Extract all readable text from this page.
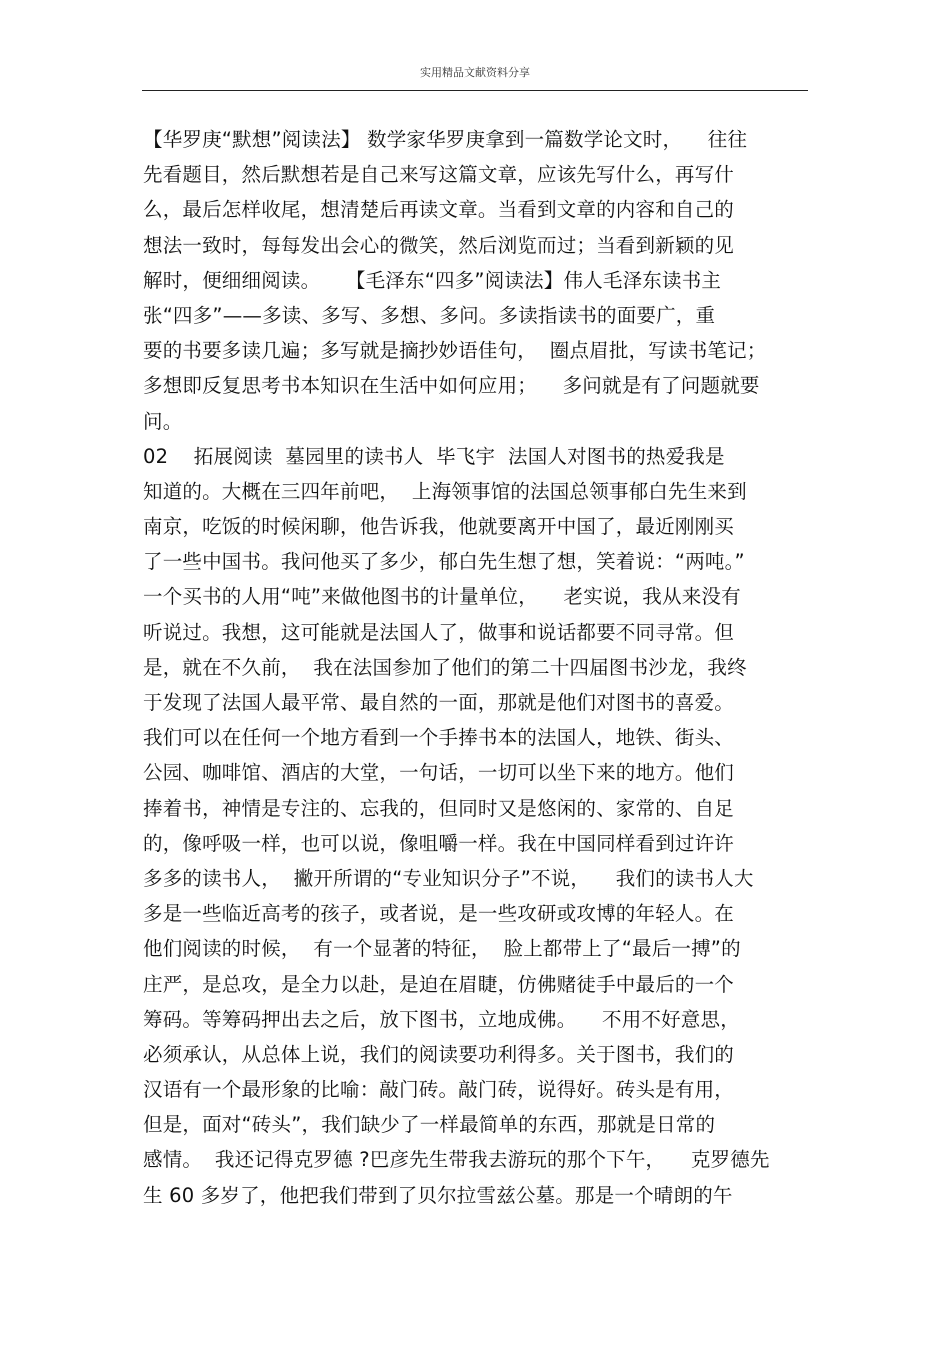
实用精品文献资料分享
【华罗庚“默想”阅读法】 数学家华罗庚拿到一篇数学论文时，    往往
先看题目，然后默想若是自己来写这篇文章，应该先写什么，再写什
么，最后怎样收尾，想清楚后再读文章。当看到文章的内容和自己的
想法一致时，每每发出会心的微笑，然后浏览而过；当看到新颖的见
解时，便细细阅读。    【毛泽东“四多”阅读法】伟人毛泽东读书主
张“四多”——多读、多写、多想、多问。多读指读书的面要广，重
要的书要多读几遍；多写就是摘抄妙语佳句，  圈点眉批，写读书笔记；
多想即反复思考书本知识在生活中如何应用；    多问就是有了问题就要
问。
02    拓展阅读  墓园里的读书人  毕飞宇  法国人对图书的热爱我是
知道的。大概在三四年前吧，  上海领事馆的法国总领事郁白先生来到
南京，吃饭的时候闲聊，他告诉我，他就要离开中国了，最近刚刚买
了一些中国书。我问他买了多少，郁白先生想了想，笑着说：“两吨。”
一个买书的人用“吨”来做他图书的计量单位，    老实说，我从来没有
听说过。我想，这可能就是法国人了，做事和说话都要不同寻常。但
是，就在不久前，  我在法国参加了他们的第二十四届图书沙龙，我终
于发现了法国人最平常、最自然的一面，那就是他们对图书的喜爱。
我们可以在任何一个地方看到一个手捧书本的法国人，地铁、街头、
公园、咖啡馆、酒店的大堂，一句话，一切可以坐下来的地方。他们
捧着书，神情是专注的、忘我的，但同时又是悠闲的、家常的、自足
的，像呼吸一样，也可以说，像咀嚼一样。我在中国同样看到过许许
多多的读书人，  撇开所谓的“专业知识分子”不说，    我们的读书人大
多是一些临近高考的孩子，或者说，是一些攻研或攻博的年轻人。在
他们阅读的时候，  有一个显著的特征，  脸上都带上了“最后一搏”的
庄严，是总攻，是全力以赴，是迫在眉睫，仿佛赌徒手中最后的一个
筹码。等筹码押出去之后，放下图书，立地成佛。    不用不好意思，
必须承认，从总体上说，我们的阅读要功利得多。关于图书，我们的
汉语有一个最形象的比喻：敲门砖。敲门砖，说得好。砖头是有用，
但是，面对“砖头”，我们缺少了一样最简单的东西，那就是日常的
感情。  我还记得克罗德 ?巴彦先生带我去游玩的那个下午，    克罗德先
生 60 多岁了，他把我们带到了贝尔拉雪兹公墓。那是一个晴朗的午
